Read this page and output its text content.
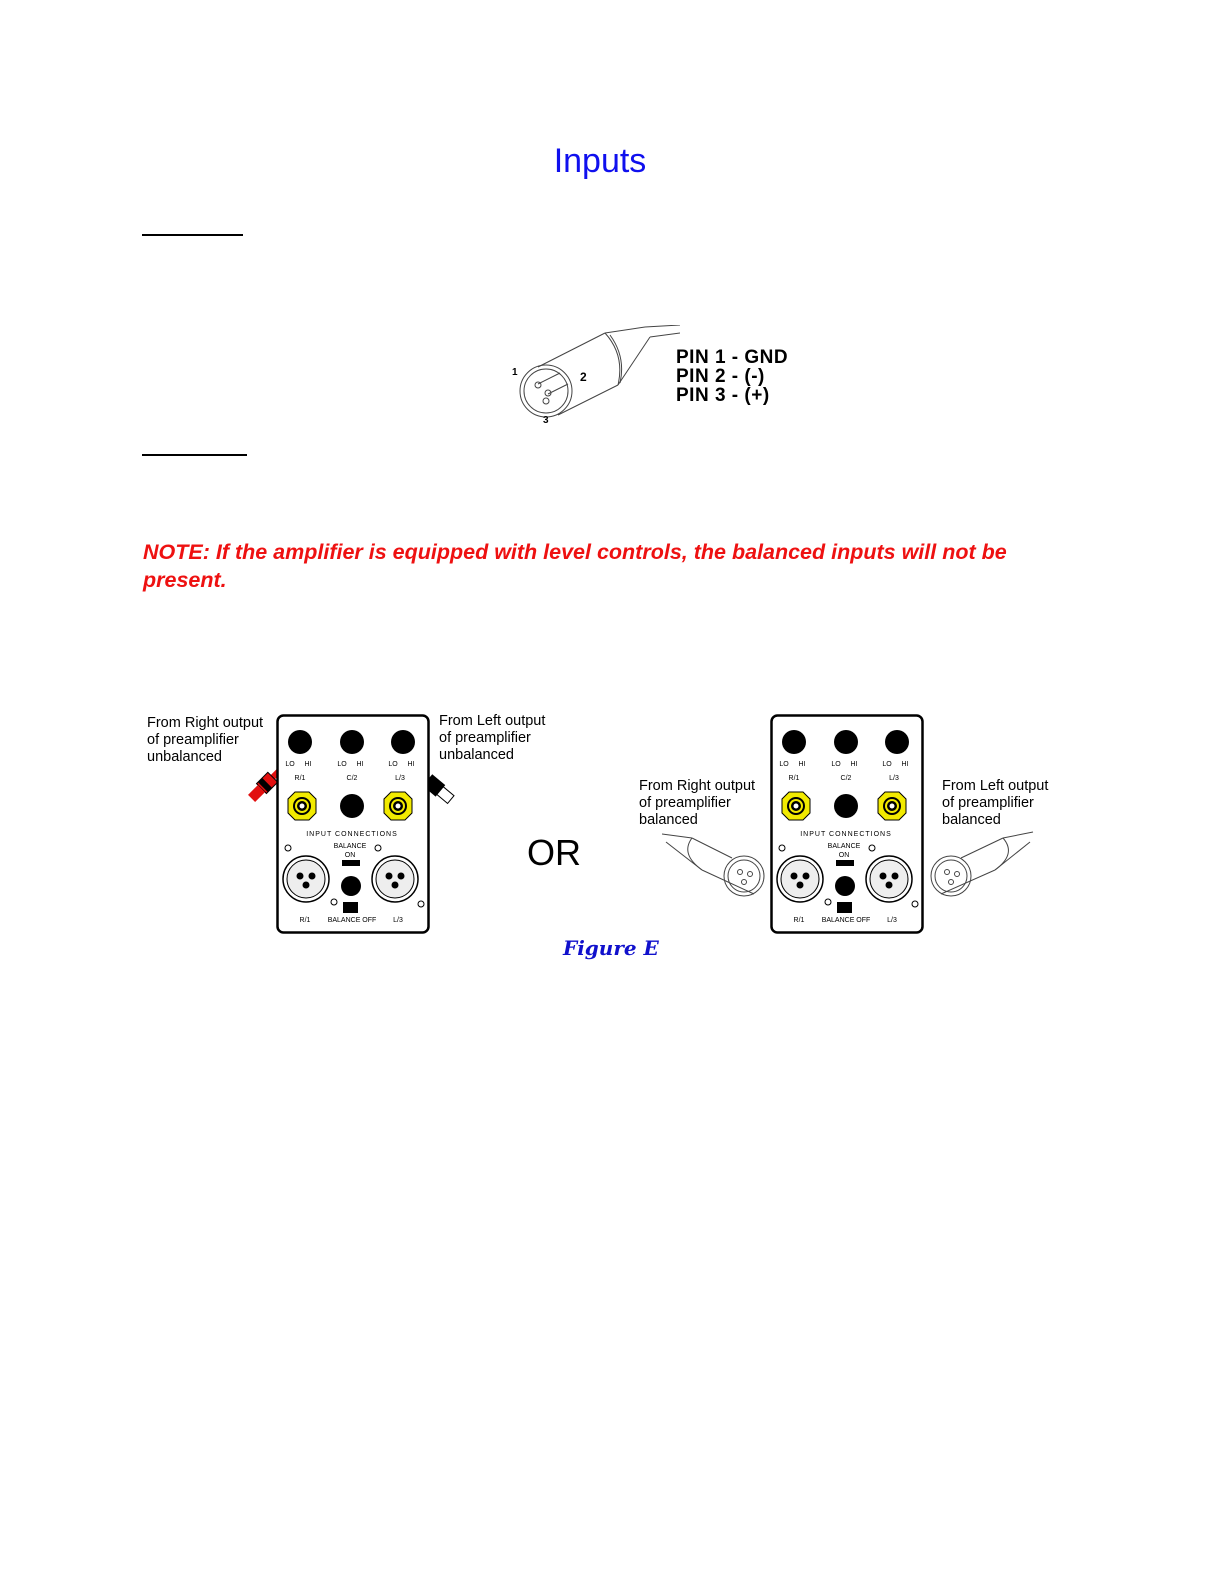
Inputs
1	2
3
PIN 1 - GND
PIN 2 - (-)
PIN 3 - (+)
NOTE: If the amplifier is equipped with level controls, the balanced inputs will not be present.
From Right output
of preamplifier
unbalanced
From Left output
of preamplifier
unbalanced
LO HI	LO HI	LO HI
R/1	C/2	L/3
INPUT CONNECTIONS
BALANCE
ON
R/1 BALANCE OFF L/3
OR
From Right output
of preamplifier
balanced
From Left output
of preamplifier
balanced
LO HI	LO HI	LO HI
R/1	C/2	L/3
INPUT CONNECTIONS
BALANCE
ON
R/1 BALANCE OFF L/3
Figure E
